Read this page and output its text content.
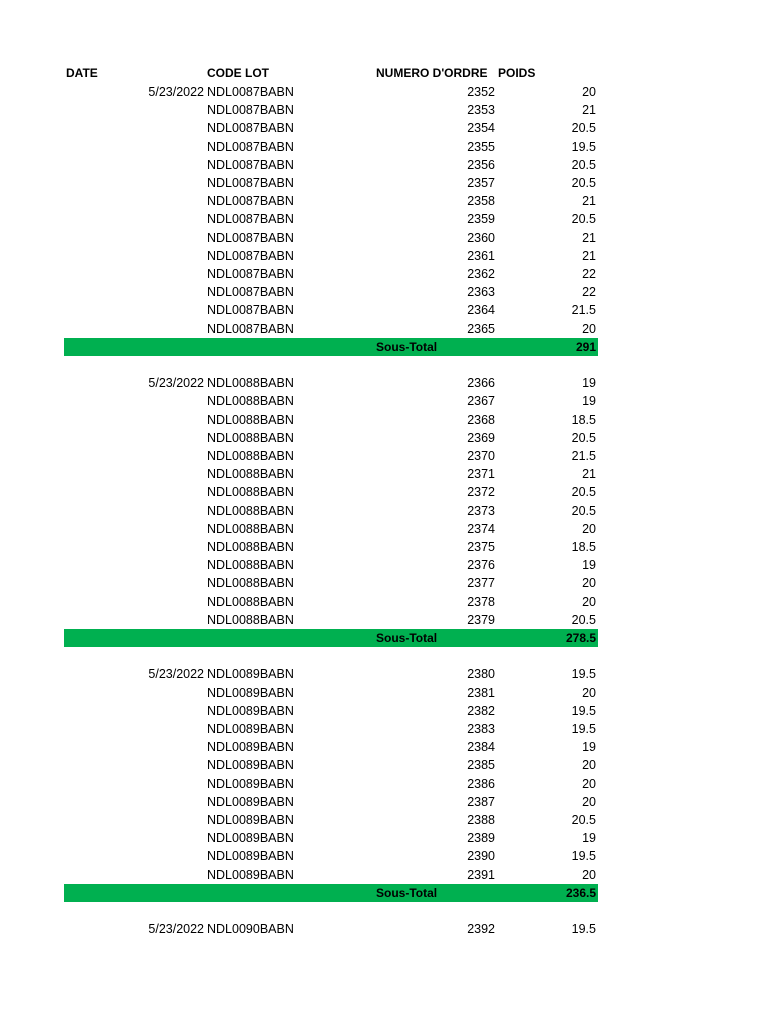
DATE	CODE LOT	NUMERO D'ORDRE POIDS
5/23/2022 NDL0087BABN	2352	20
NDL0087BABN	2353	21
NDL0087BABN	2354	20.5
NDL0087BABN	2355	19.5
NDL0087BABN	2356	20.5
NDL0087BABN	2357	20.5
NDL0087BABN	2358	21
NDL0087BABN	2359	20.5
NDL0087BABN	2360	21
NDL0087BABN	2361	21
NDL0087BABN	2362	22
NDL0087BABN	2363	22
NDL0087BABN	2364	21.5
NDL0087BABN	2365	20
Sous-Total	291
5/23/2022 NDL0088BABN	2366	19
NDL0088BABN	2367	19
NDL0088BABN	2368	18.5
NDL0088BABN	2369	20.5
NDL0088BABN	2370	21.5
NDL0088BABN	2371	21
NDL0088BABN	2372	20.5
NDL0088BABN	2373	20.5
NDL0088BABN	2374	20
NDL0088BABN	2375	18.5
NDL0088BABN	2376	19
NDL0088BABN	2377	20
NDL0088BABN	2378	20
NDL0088BABN	2379	20.5
Sous-Total	278.5
5/23/2022 NDL0089BABN	2380	19.5
NDL0089BABN	2381	20
NDL0089BABN	2382	19.5
NDL0089BABN	2383	19.5
NDL0089BABN	2384	19
NDL0089BABN	2385	20
NDL0089BABN	2386	20
NDL0089BABN	2387	20
NDL0089BABN	2388	20.5
NDL0089BABN	2389	19
NDL0089BABN	2390	19.5
NDL0089BABN	2391	20
Sous-Total	236.5
5/23/2022 NDL0090BABN	2392	19.5
